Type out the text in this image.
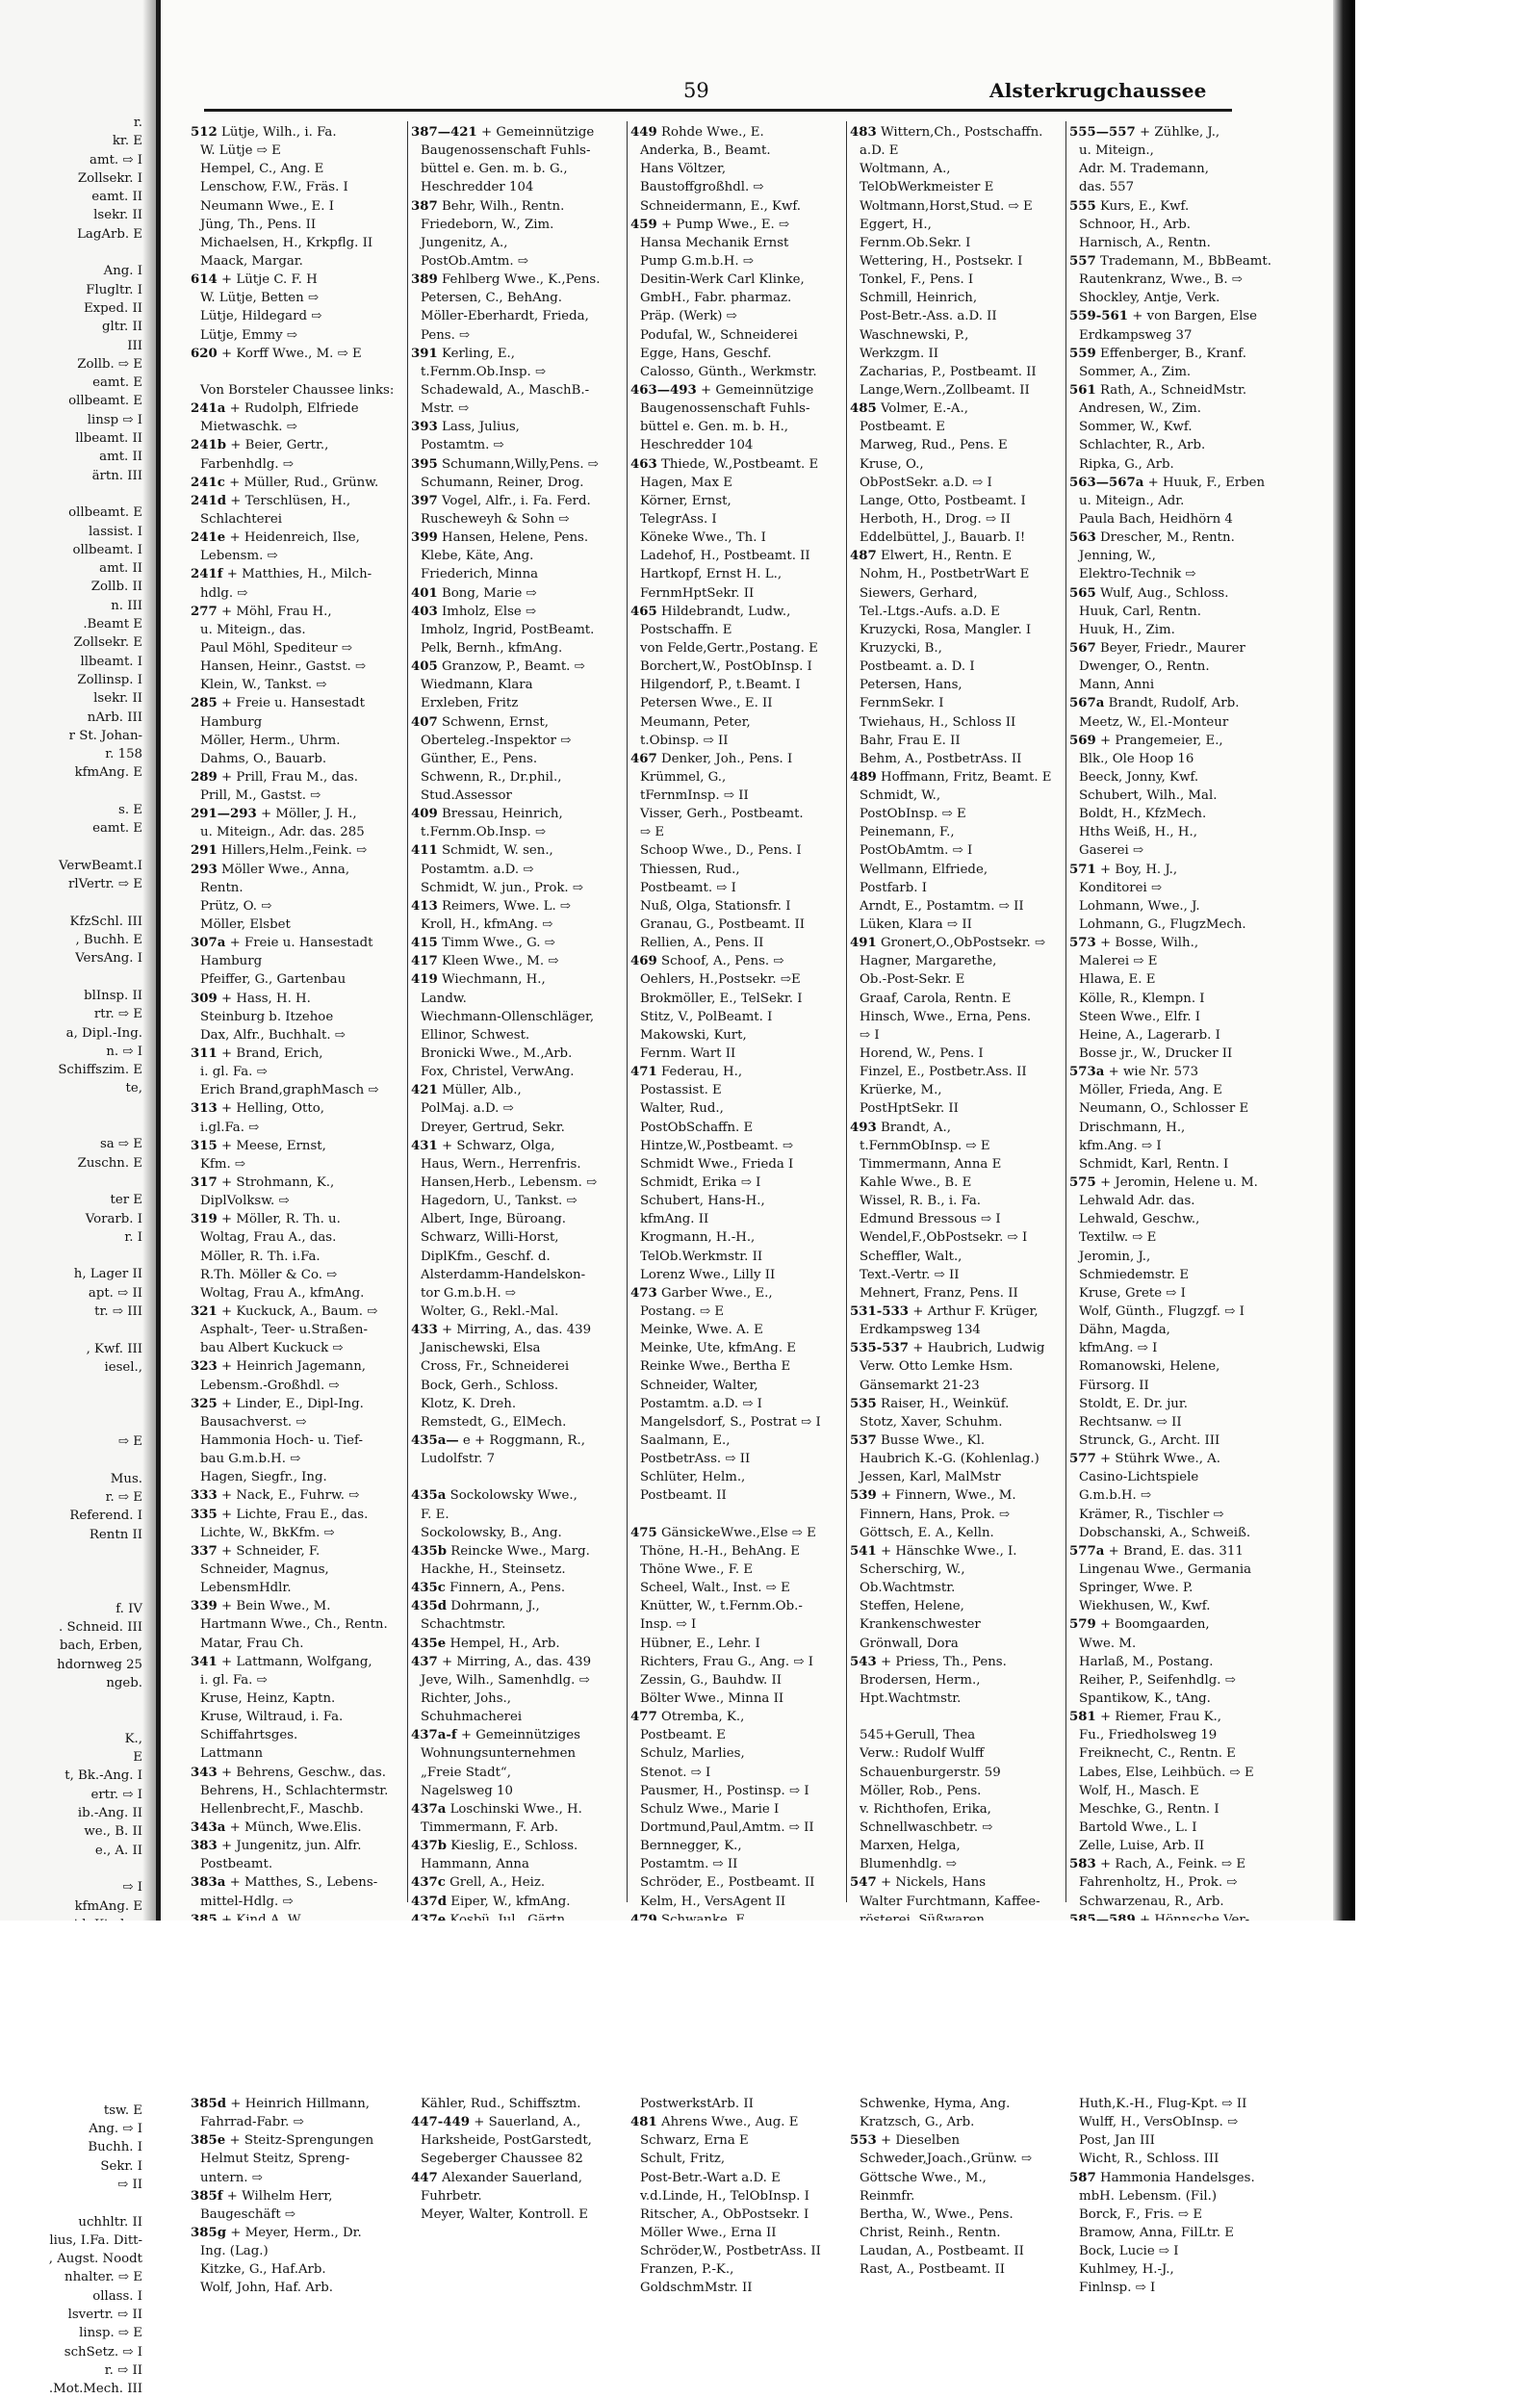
r.
kr. E
amt. ⇨ I
Zollsekr. I
eamt. II
lsekr. II
LagArb. E
Ang. I
Flugltr. I
Exped. II
gltr. II
III
Zollb. ⇨ E
eamt. E
ollbeamt. E
linsp ⇨ I
llbeamt. II
amt. II
ärtn. III
ollbeamt. E
lassist. I
ollbeamt. I
amt. II
Zollb. II
n. III
.Beamt E
Zollsekr. E
llbeamt. I
Zollinsp. I
lsekr. II
nArb. III
r St. Johan-
r. 158
kfmAng. E
s. E
eamt. E
VerwBeamt.I
rlVertr. ⇨ E
KfzSchl. III
, Buchh. E
VersAng. I
blInsp. II
rtr. ⇨ E
a, Dipl.-Ing.
n. ⇨ I
Schiffszim. E
te,
sa ⇨ E
Zuschn. E
ter E
Vorarb. I
r. I
h, Lager II
apt. ⇨ II
tr. ⇨ III
, Kwf. III
iesel.,
⇨ E
Mus.
r. ⇨ E
Referend. I
Rentn II
f. IV
. Schneid. III
bach, Erben,
hdornweg 25
ngeb.
K.,
E
t, Bk.-Ang. I
ertr. ⇨ I
ib.-Ang. II
we., B. II
e., A. II
⇨ I
kfmAng. E
tsw. E
Ang. ⇨ I
Buchh. I
Sekr. I
⇨ II
uchhltr. II
lius, I.Fa. Ditt-
, Augst. Noodt
nhalter. ⇨ E
ollass. I
lsvertr. ⇨ II
linsp. ⇨ E
schSetz. ⇨ I
r. ⇨ II
.Mot.Mech. III
59	Alsterkrugchaussee
512 Lütje, Wilh., i. Fa.
W. Lütje ⇨ E
Hempel, C., Ang. E
Lenschow, F.W., Fräs. I
Neumann Wwe., E. I
Jüng, Th., Pens. II
Michaelsen, H., Krkpflg. II
Maack, Margar.
614 + Lütje C. F. H
W. Lütje, Betten ⇨
Lütje, Hildegard ⇨
Lütje, Emmy ⇨
620 + Korff Wwe., M. ⇨ E
Von Borsteler Chaussee links:
241a + Rudolph, Elfriede
Mietwaschk. ⇨
241b + Beier, Gertr.,
Farbenhdlg. ⇨
241c + Müller, Rud., Grünw.
241d + Terschlüsen, H.,
Schlachterei
241e + Heidenreich, Ilse,
Lebensm. ⇨
241f + Matthies, H., Milch-
hdlg. ⇨
277 + Möhl, Frau H.,
u. Miteign., das.
Paul Möhl, Spediteur ⇨
Hansen, Heinr., Gastst. ⇨
Klein, W., Tankst. ⇨
285 + Freie u. Hansestadt
Hamburg
Möller, Herm., Uhrm.
Dahms, O., Bauarb.
289 + Prill, Frau M., das.
Prill, M., Gastst. ⇨
291—293 + Möller, J. H.,
u. Miteign., Adr. das. 285
291 Hillers,Helm.,Feink. ⇨
293 Möller Wwe., Anna,
Rentn.
Prütz, O. ⇨
Möller, Elsbet
307a + Freie u. Hansestadt
Hamburg
Pfeiffer, G., Gartenbau
309 + Hass, H. H.
Steinburg b. Itzehoe
Dax, Alfr., Buchhalt. ⇨
311 + Brand, Erich,
i. gl. Fa. ⇨
Erich Brand,graphMasch ⇨
313 + Helling, Otto,
i.gl.Fa. ⇨
315 + Meese, Ernst,
Kfm. ⇨
317 + Strohmann, K.,
DiplVolksw. ⇨
319 + Möller, R. Th. u.
Woltag, Frau A., das.
Möller, R. Th. i.Fa.
R.Th. Möller & Co. ⇨
Woltag, Frau A., kfmAng.
321 + Kuckuck, A., Baum. ⇨
Asphalt-, Teer- u.Straßen-
bau Albert Kuckuck ⇨
323 + Heinrich Jagemann,
Lebensm.-Großhdl. ⇨
325 + Linder, E., Dipl-Ing.
Bausachverst. ⇨
Hammonia Hoch- u. Tief-
bau G.m.b.H. ⇨
Hagen, Siegfr., Ing.
333 + Nack, E., Fuhrw. ⇨
335 + Lichte, Frau E., das.
Lichte, W., BkKfm. ⇨
337 + Schneider, F.
Schneider, Magnus,
LebensmHdlr.
339 + Bein Wwe., M.
Hartmann Wwe., Ch., Rentn.
Matar, Frau Ch.
341 + Lattmann, Wolfgang,
i. gl. Fa. ⇨
Kruse, Heinz, Kaptn.
Kruse, Wiltraud, i. Fa.
Schiffahrtsges.
Lattmann
343 + Behrens, Geschw., das.
Behrens, H., Schlachtermstr.
Hellenbrecht,F., Maschb.
343a + Münch, Wwe.Elis.
383 + Jungenitz, jun. Alfr.
Postbeamt.
383a + Matthes, S., Lebens-
mittel-Hdlg. ⇨
385d + Heinrich Hillmann,
Fahrrad-Fabr. ⇨
385e + Steitz-Sprengungen
Helmut Steitz, Spreng-
untern. ⇨
385f + Wilhelm Herr,
Baugeschäft ⇨
385g + Meyer, Herm., Dr.
Ing. (Lag.)
Kitzke, G., Haf.Arb.
Wolf, John, Haf. Arb.
387—421 + Gemeinnützige
Baugenossenschaft Fuhls-
büttel e. Gen. m. b. G.,
Heschredder 104
387 Behr, Wilh., Rentn.
Friedeborn, W., Zim.
Jungenitz, A.,
PostOb.Amtm. ⇨
389 Fehlberg Wwe., K.,Pens.
Petersen, C., BehAng.
Möller-Eberhardt, Frieda,
Pens. ⇨
391 Kerling, E.,
t.Fernm.Ob.Insp. ⇨
Schadewald, A., MaschB.-
Mstr. ⇨
393 Lass, Julius,
Postamtm. ⇨
395 Schumann,Willy,Pens. ⇨
Schumann, Reiner, Drog.
397 Vogel, Alfr., i. Fa. Ferd.
Ruscheweyh & Sohn ⇨
399 Hansen, Helene, Pens.
Klebe, Käte, Ang.
Friederich, Minna
401 Bong, Marie ⇨
403 Imholz, Else ⇨
Imholz, Ingrid, PostBeamt.
Pelk, Bernh., kfmAng.
405 Granzow, P., Beamt. ⇨
Wiedmann, Klara
Erxleben, Fritz
407 Schwenn, Ernst,
Oberteleg.-Inspektor ⇨
Günther, E., Pens.
Schwenn, R., Dr.phil.,
Stud.Assessor
409 Bressau, Heinrich,
t.Fernm.Ob.Insp. ⇨
411 Schmidt, W. sen.,
Postamtm. a.D. ⇨
Schmidt, W. jun., Prok. ⇨
413 Reimers, Wwe. L. ⇨
Kroll, H., kfmAng. ⇨
415 Timm Wwe., G. ⇨
417 Kleen Wwe., M. ⇨
419 Wiechmann, H.,
Landw.
Wiechmann-Ollenschläger,
Ellinor, Schwest.
Bronicki Wwe., M.,Arb.
Fox, Christel, VerwAng.
421 Müller, Alb.,
PolMaj. a.D. ⇨
Dreyer, Gertrud, Sekr.
431 + Schwarz, Olga,
Haus, Wern., Herrenfris.
Hansen,Herb., Lebensm. ⇨
Hagedorn, U., Tankst. ⇨
Albert, Inge, Büroang.
Schwarz, Willi-Horst,
DiplKfm., Geschf. d.
Alsterdamm-Handelskon-
tor G.m.b.H. ⇨
Wolter, G., Rekl.-Mal.
433 + Mirring, A., das. 439
Janischewski, Elsa
Cross, Fr., Schneiderei
Bock, Gerh., Schloss.
Klotz, K. Dreh.
Remstedt, G., ElMech.
435a— e + Roggmann, R.,
Ludolfstr. 7
435a Sockolowsky Wwe.,
F. E.
Sockolowsky, B., Ang.
435b Reincke Wwe., Marg.
Hackhe, H., Steinsetz.
435c Finnern, A., Pens.
435d Dohrmann, J.,
Schachtmstr.
435e Hempel, H., Arb.
437 + Mirring, A., das. 439
Jeve, Wilh., Samenhdlg. ⇨
Richter, Johs.,
Schuhmacherei
437a-f + Gemeinnütziges
Wohnungsunternehmen
„Freie Stadt“,
Nagelsweg 10
437a Loschinski Wwe., H.
Timmermann, F. Arb.
437b Kieslig, E., Schloss.
Hammann, Anna
437c Grell, A., Heiz.
437d Eiper, W., kfmAng.
Kähler, Rud., Schiffsztm.
447-449 + Sauerland, A.,
Harksheide, PostGarstedt,
Segeberger Chaussee 82
447 Alexander Sauerland,
Fuhrbetr.
Meyer, Walter, Kontroll. E
449 Rohde Wwe., E.
Anderka, B., Beamt.
Hans Völtzer,
Baustoffgroßhdl. ⇨
Schneidermann, E., Kwf.
459 + Pump Wwe., E. ⇨
Hansa Mechanik Ernst
Pump G.m.b.H. ⇨
Desitin-Werk Carl Klinke,
GmbH., Fabr. pharmaz.
Präp. (Werk) ⇨
Podufal, W., Schneiderei
Egge, Hans, Geschf.
Calosso, Günth., Werkmstr.
463—493 + Gemeinnützige
Baugenossenschaft Fuhls-
büttel e. Gen. m. b. H.,
Heschredder 104
463 Thiede, W.,Postbeamt. E
Hagen, Max E
Körner, Ernst,
TelegrAss. I
Köneke Wwe., Th. I
Ladehof, H., Postbeamt. II
Hartkopf, Ernst H. L.,
FernmHptSekr. II
465 Hildebrandt, Ludw.,
Postschaffn. E
von Felde,Gertr.,Postang. E
Borchert,W., PostObInsp. I
Hilgendorf, P., t.Beamt. I
Petersen Wwe., E. II
Meumann, Peter,
t.Obinsp. ⇨ II
467 Denker, Joh., Pens. I
Krümmel, G.,
tFernmInsp. ⇨ II
Visser, Gerh., Postbeamt.
⇨ E
Schoop Wwe., D., Pens. I
Thiessen, Rud.,
Postbeamt. ⇨ I
Nuß, Olga, Stationsfr. I
Granau, G., Postbeamt. II
Rellien, A., Pens. II
469 Schoof, A., Pens. ⇨
Oehlers, H.,Postsekr. ⇨E
Brokmöller, E., TelSekr. I
Stitz, V., PolBeamt. I
Makowski, Kurt,
Fernm. Wart II
471 Federau, H.,
Postassist. E
Walter, Rud.,
PostObSchaffn. E
Hintze,W.,Postbeamt. ⇨
Schmidt Wwe., Frieda I
Schmidt, Erika ⇨ I
Schubert, Hans-H.,
kfmAng. II
Krogmann, H.-H.,
TelOb.Werkmstr. II
Lorenz Wwe., Lilly II
473 Garber Wwe., E.,
Postang. ⇨ E
Meinke, Wwe. A. E
Meinke, Ute, kfmAng. E
Reinke Wwe., Bertha E
Schneider, Walter,
Postamtm. a.D. ⇨ I
Mangelsdorf, S., Postrat ⇨ I
Saalmann, E.,
PostbetrAss. ⇨ II
Schlüter, Helm.,
Postbeamt. II
475 GänsickeWwe.,Else ⇨ E
Thöne, H.-H., BehAng. E
Thöne Wwe., F. E
Scheel, Walt., Inst. ⇨ E
Knütter, W., t.Fernm.Ob.-
Insp. ⇨ I
Hübner, E., Lehr. I
Richters, Frau G., Ang. ⇨ I
Zessin, G., Bauhdw. II
Bölter Wwe., Minna II
477 Otremba, K.,
Postbeamt. E
Schulz, Marlies,
Stenot. ⇨ I
Pausmer, H., Postinsp. ⇨ I
Schulz Wwe., Marie I
Dortmund,Paul,Amtm. ⇨ II
Bernnegger, K.,
Postamtm. ⇨ II
Schröder, E., Postbeamt. II
Kelm, H., VersAgent II
PostwerkstArb. II
481 Ahrens Wwe., Aug. E
Schwarz, Erna E
Schult, Fritz,
Post-Betr.-Wart a.D. E
v.d.Linde, H., TelObInsp. I
Ritscher, A., ObPostsekr. I
Möller Wwe., Erna II
Schröder,W., PostbetrAss. II
Franzen, P.-K.,
GoldschmMstr. II
483 Wittern,Ch., Postschaffn.
a.D. E
Woltmann, A.,
TelObWerkmeister E
Woltmann,Horst,Stud. ⇨ E
Eggert, H.,
Fernm.Ob.Sekr. I
Wettering, H., Postsekr. I
Tonkel, F., Pens. I
Schmill, Heinrich,
Post-Betr.-Ass. a.D. II
Waschnewski, P.,
Werkzgm. II
Zacharias, P., Postbeamt. II
Lange,Wern.,Zollbeamt. II
485 Volmer, E.-A.,
Postbeamt. E
Marweg, Rud., Pens. E
Kruse, O.,
ObPostSekr. a.D. ⇨ I
Lange, Otto, Postbeamt. I
Herboth, H., Drog. ⇨ II
Eddelbüttel, J., Bauarb. I!
487 Elwert, H., Rentn. E
Nohm, H., PostbetrWart E
Siewers, Gerhard,
Tel.-Ltgs.-Aufs. a.D. E
Kruzycki, Rosa, Mangler. I
Kruzycki, B.,
Postbeamt. a. D. I
Petersen, Hans,
FernmSekr. I
Twiehaus, H., Schloss II
Bahr, Frau E. II
Behm, A., PostbetrAss. II
489 Hoffmann, Fritz, Beamt. E
Schmidt, W.,
PostObInsp. ⇨ E
Peinemann, F.,
PostObAmtm. ⇨ I
Wellmann, Elfriede,
Postfarb. I
Arndt, E., Postamtm. ⇨ II
Lüken, Klara ⇨ II
491 Gronert,O.,ObPostsekr. ⇨
Hagner, Margarethe,
Ob.-Post-Sekr. E
Graaf, Carola, Rentn. E
Hinsch, Wwe., Erna, Pens.
⇨ I
Horend, W., Pens. I
Finzel, E., Postbetr.Ass. II
Krüerke, M.,
PostHptSekr. II
493 Brandt, A.,
t.FernmObInsp. ⇨ E
Timmermann, Anna E
Kahle Wwe., B. E
Wissel, R. B., i. Fa.
Edmund Bressous ⇨ I
Wendel,F.,ObPostsekr. ⇨ I
Scheffler, Walt.,
Text.-Vertr. ⇨ II
Mehnert, Franz, Pens. II
531-533 + Arthur F. Krüger,
Erdkampsweg 134
535-537 + Haubrich, Ludwig
Verw. Otto Lemke Hsm.
Gänsemarkt 21-23
535 Raiser, H., Weinküf.
Stotz, Xaver, Schuhm.
537 Busse Wwe., Kl.
Haubrich K.-G. (Kohlenlag.)
Jessen, Karl, MalMstr
539 + Finnern, Wwe., M.
Finnern, Hans, Prok. ⇨
Göttsch, E. A., Kelln.
541 + Hänschke Wwe., I.
Scherschirg, W.,
Ob.Wachtmstr.
Steffen, Helene,
Krankenschwester
Grönwall, Dora
543 + Priess, Th., Pens.
Brodersen, Herm.,
Hpt.Wachtmstr.
545+Gerull, Thea
Verw.: Rudolf Wulff
Schauenburgerstr. 59
Möller, Rob., Pens.
v. Richthofen, Erika,
Schnellwaschbetr. ⇨
Marxen, Helga,
Blumenhdlg. ⇨
547 + Nickels, Hans
Walter Furchtmann, Kaffee-
Schwenke, Hyma, Ang.
Kratzsch, G., Arb.
553 + Dieselben
Schweder,Joach.,Grünw. ⇨
Göttsche Wwe., M.,
Reinmfr.
Bertha, W., Wwe., Pens.
Christ, Reinh., Rentn.
Laudan, A., Postbeamt. II
Rast, A., Postbeamt. II
555—557 + Zühlke, J.,
u. Miteign.,
Adr. M. Trademann,
das. 557
555 Kurs, E., Kwf.
Schnoor, H., Arb.
Harnisch, A., Rentn.
557 Trademann, M., BbBeamt.
Rautenkranz, Wwe., B. ⇨
Shockley, Antje, Verk.
559-561 + von Bargen, Else
Erdkampsweg 37
559 Effenberger, B., Kranf.
Sommer, A., Zim.
561 Rath, A., SchneidMstr.
Andresen, W., Zim.
Sommer, W., Kwf.
Schlachter, R., Arb.
Ripka, G., Arb.
563—567a + Huuk, F., Erben
u. Miteign., Adr.
Paula Bach, Heidhörn 4
563 Drescher, M., Rentn.
Jenning, W.,
Elektro-Technik ⇨
565 Wulf, Aug., Schloss.
Huuk, Carl, Rentn.
Huuk, H., Zim.
567 Beyer, Friedr., Maurer
Dwenger, O., Rentn.
Mann, Anni
567a Brandt, Rudolf, Arb.
Meetz, W., El.-Monteur
569 + Prangemeier, E.,
Blk., Ole Hoop 16
Beeck, Jonny, Kwf.
Schubert, Wilh., Mal.
Boldt, H., KfzMech.
Hths Weiß, H., H.,
Gaserei ⇨
571 + Boy, H. J.,
Konditorei ⇨
Lohmann, Wwe., J.
Lohmann, G., FlugzMech.
573 + Bosse, Wilh.,
Malerei ⇨ E
Hlawa, E. E
Kölle, R., Klempn. I
Steen Wwe., Elfr. I
Heine, A., Lagerarb. I
Bosse jr., W., Drucker II
573a + wie Nr. 573
Möller, Frieda, Ang. E
Neumann, O., Schlosser E
Drischmann, H.,
kfm.Ang. ⇨ I
Schmidt, Karl, Rentn. I
575 + Jeromin, Helene u. M.
Lehwald Adr. das.
Lehwald, Geschw.,
Textilw. ⇨ E
Jeromin, J.,
Schmiedemstr. E
Kruse, Grete ⇨ I
Wolf, Günth., Flugzgf. ⇨ I
Dähn, Magda,
kfmAng. ⇨ I
Romanowski, Helene,
Fürsorg. II
Stoldt, E. Dr. jur.
Rechtsanw. ⇨ II
Strunck, G., Archt. III
577 + Stührk Wwe., A.
Casino-Lichtspiele
G.m.b.H. ⇨
Krämer, R., Tischler ⇨
Dobschanski, A., Schweiß.
577a + Brand, E. das. 311
Lingenau Wwe., Germania
Springer, Wwe. P.
Wiekhusen, W., Kwf.
579 + Boomgaarden,
Wwe. M.
Harlaß, M., Postang.
Reiher, P., Seifenhdlg. ⇨
Spantikow, K., tAng.
581 + Riemer, Frau K.,
Fu., Friedholsweg 19
Freiknecht, C., Rentn. E
Labes, Else, Leihbüch. ⇨ E
Wolf, H., Masch. E
Meschke, G., Rentn. I
Bartold Wwe., L. I
Zelle, Luise, Arb. II
583 + Rach, A., Feink. ⇨ E
Fahrenholtz, H., Prok. ⇨
Schwarzenau, R., Arb.
Huth,K.-H., Flug-Kpt. ⇨ II
Wulff, H., VersObInsp. ⇨
Post, Jan III
Wicht, R., Schloss. III
587 Hammonia Handelsges.
mbH. Lebensm. (Fil.)
Borck, F., Fris. ⇨ E
Bramow, Anna, FilLtr. E
Bock, Lucie ⇨ I
Kuhlmey, H.-J.,
Finlnsp. ⇨ I
